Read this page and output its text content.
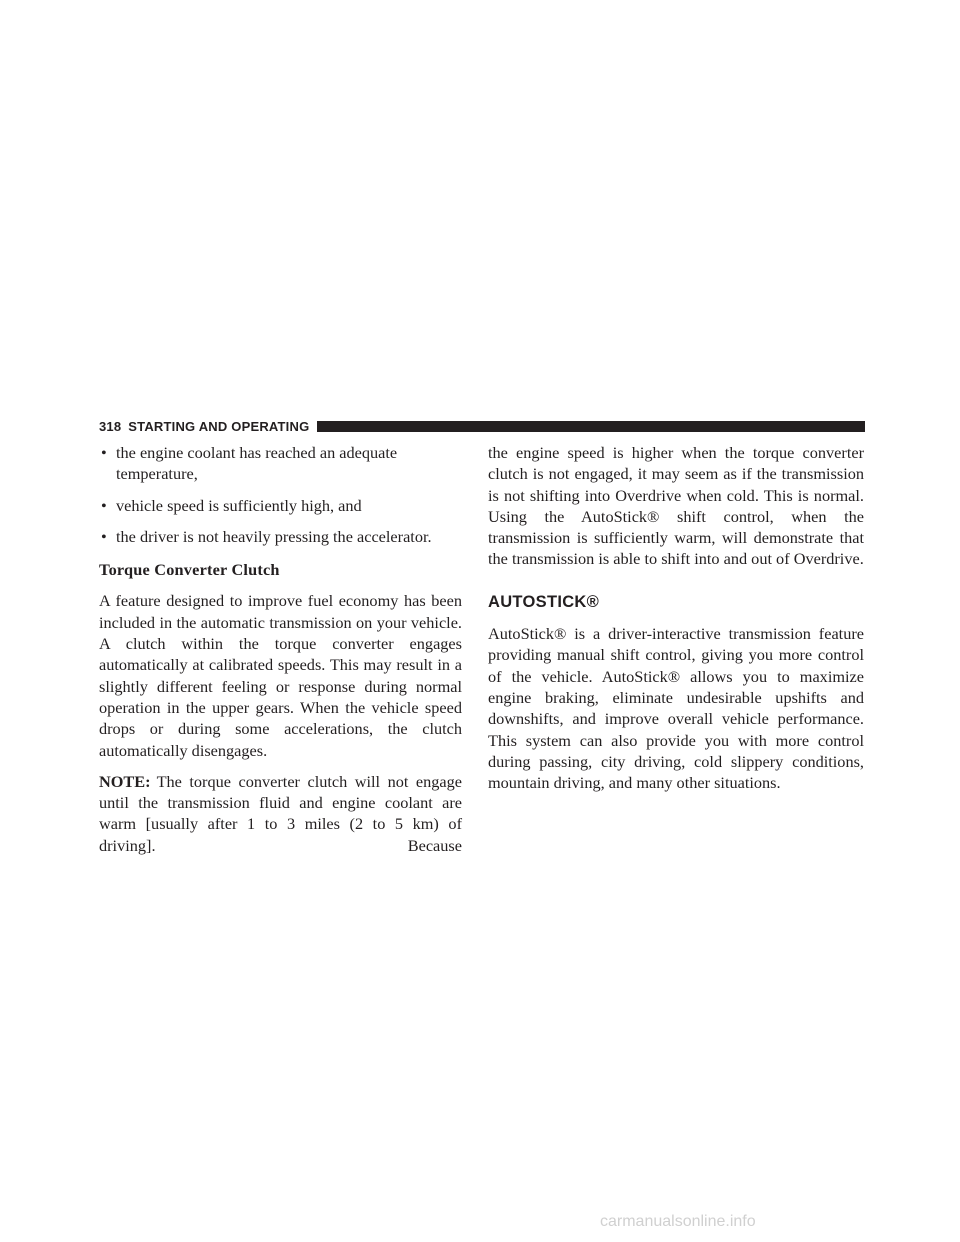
318 STARTING AND OPERATING
• the engine coolant has reached an adequate temperature,
• vehicle speed is sufficiently high, and
• the driver is not heavily pressing the accelerator.
Torque Converter Clutch

A feature designed to improve fuel economy has been included in the automatic transmission on your vehicle. A clutch within the torque converter engages automatically at calibrated speeds. This may result in a slightly different feeling or response during normal operation in the upper gears. When the vehicle speed drops or during some accelerations, the clutch automatically disengages.

NOTE: The torque converter clutch will not engage until the transmission fluid and engine coolant are warm [usually after 1 to 3 miles (2 to 5 km) of driving]. Because

the engine speed is higher when the torque converter clutch is not engaged, it may seem as if the transmission is not shifting into Overdrive when cold. This is normal. Using the AutoStick® shift control, when the transmission is sufficiently warm, will demonstrate that the transmission is able to shift into and out of Overdrive.

AUTOSTICK®

AutoStick® is a driver-interactive transmission feature providing manual shift control, giving you more control of the vehicle. AutoStick® allows you to maximize engine braking, eliminate undesirable upshifts and downshifts, and improve overall vehicle performance. This system can also provide you with more control during passing, city driving, cold slippery conditions, mountain driving, and many other situations.

carmanualsonline.info
